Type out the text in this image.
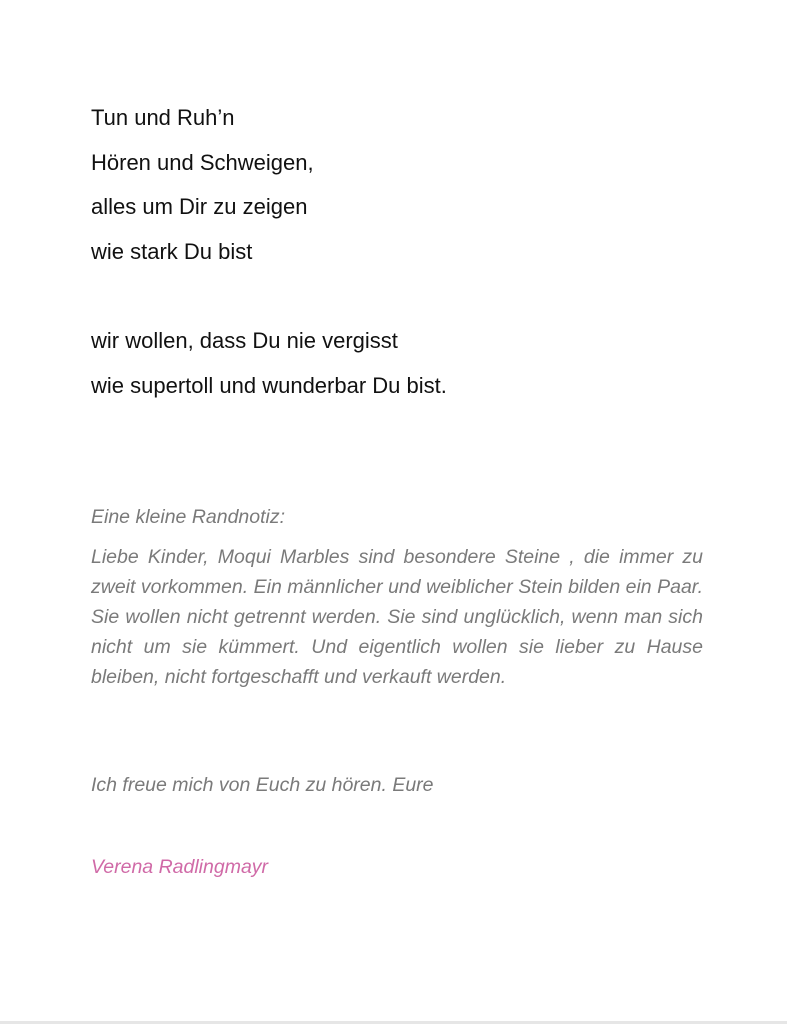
Tun und Ruh’n
Hören und Schweigen,
alles um Dir zu zeigen
wie stark Du bist
wir wollen, dass Du nie vergisst
wie supertoll und wunderbar Du bist.
Eine kleine Randnotiz:
Liebe Kinder, Moqui Marbles sind besondere Steine , die immer zu zweit vorkommen. Ein männlicher und weiblicher Stein bilden ein Paar. Sie wollen nicht getrennt werden. Sie sind unglücklich, wenn man sich nicht um sie kümmert. Und eigentlich wollen sie lieber zu Hause bleiben, nicht fortgeschafft und verkauft werden.
Ich freue mich von Euch zu hören. Eure
Verena Radlingmayr
